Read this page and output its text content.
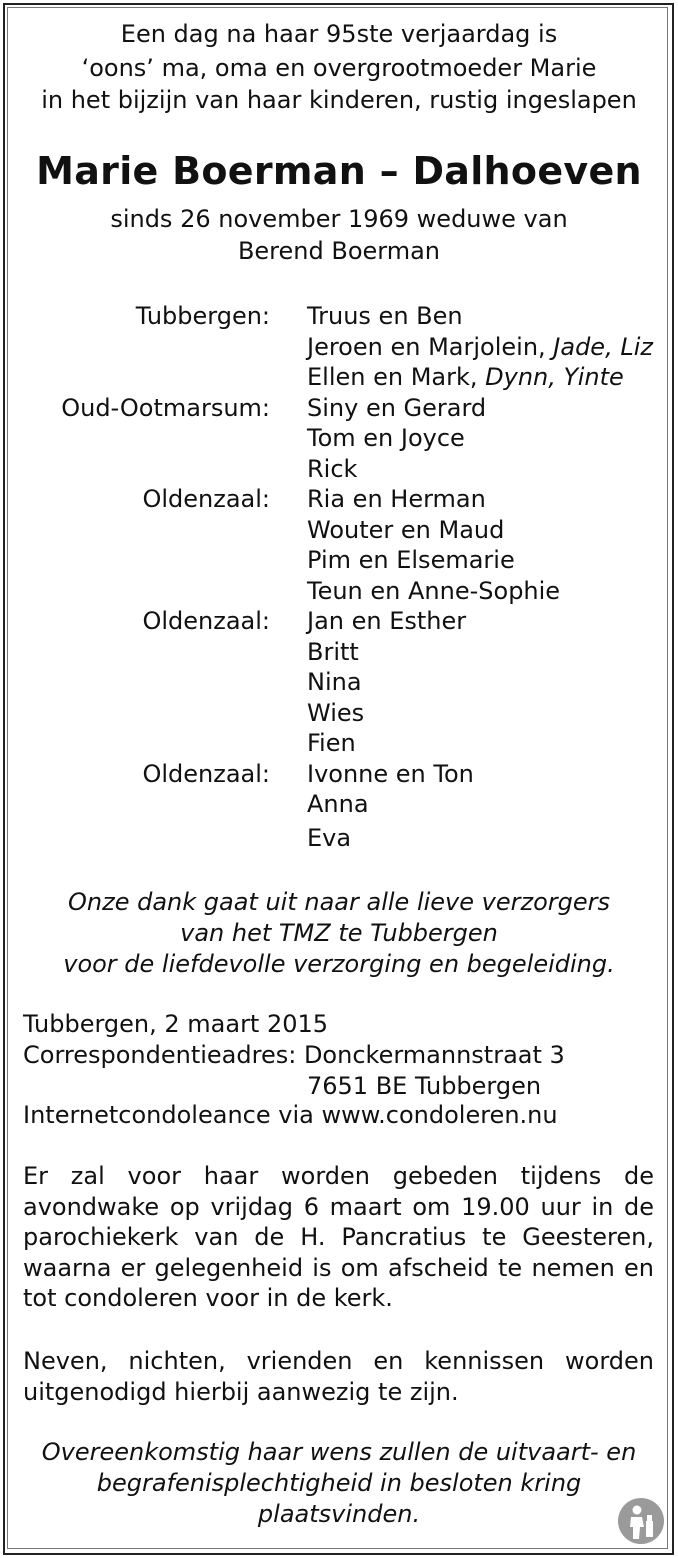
Een dag na haar 95ste verjaardag is
‘oons’ ma, oma en overgrootmoeder Marie
in het bijzijn van haar kinderen, rustig ingeslapen
Marie Boerman – Dalhoeven
sinds 26 november 1969 weduwe van
Berend Boerman
Tubbergen: Truus en Ben
Jeroen en Marjolein, Jade, Liz
Ellen en Mark, Dynn, Yinte
Oud-Ootmarsum: Siny en Gerard
Tom en Joyce
Rick
Oldenzaal: Ria en Herman
Wouter en Maud
Pim en Elsemarie
Teun en Anne-Sophie
Oldenzaal: Jan en Esther
Britt
Nina
Wies
Fien
Oldenzaal: Ivonne en Ton
Anna
Eva
Onze dank gaat uit naar alle lieve verzorgers
van het TMZ te Tubbergen
voor de liefdevolle verzorging en begeleiding.
Tubbergen, 2 maart 2015
Correspondentieadres: Donckermannstraat 3
7651 BE Tubbergen
Internetcondoleance via www.condoleren.nu
Er zal voor haar worden gebeden tijdens de avondwake op vrijdag 6 maart om 19.00 uur in de parochiekerk van de H. Pancratius te Geesteren, waarna er gelegenheid is om afscheid te nemen en tot condoleren voor in de kerk.
Neven, nichten, vrienden en kennissen worden uitgenodigd hierbij aanwezig te zijn.
Overeenkomstig haar wens zullen de uitvaart- en begrafenisplechtigheid in besloten kring plaatsvinden.
